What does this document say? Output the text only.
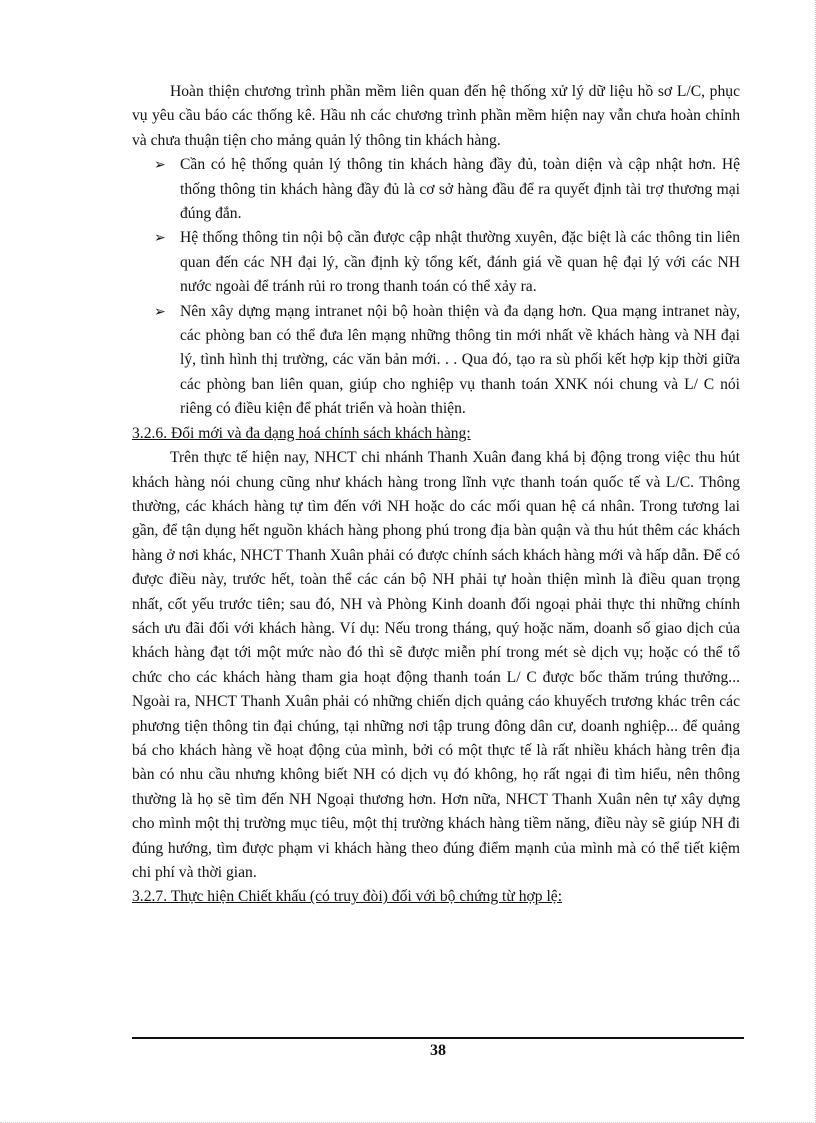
Hoàn thiện chương trình phần mềm liên quan đến hệ thống xử lý dữ liệu hồ sơ L/C, phục vụ yêu cầu báo các thống kê. Hầu nh các chương trình phần mềm hiện nay vẫn chưa hoàn chỉnh và chưa thuận tiện cho mảng quản lý thông tin khách hàng.

➢ Cần có hệ thống quản lý thông tin khách hàng đầy đủ, toàn diện và cập nhật hơn. Hệ thống thông tin khách hàng đầy đủ là cơ sở hàng đầu để ra quyết định tài trợ thương mại đúng đắn.
➢ Hệ thống thông tin nội bộ cần được cập nhật thường xuyên, đặc biệt là các thông tin liên quan đến các NH đại lý, cần định kỳ tổng kết, đánh giá về quan hệ đại lý với các NH nước ngoài để tránh rủi ro trong thanh toán có thể xảy ra.
➢ Nên xây dựng mạng intranet nội bộ hoàn thiện và đa dạng hơn. Qua mạng intranet này, các phòng ban có thể đưa lên mạng những thông tin mới nhất về khách hàng và NH đại lý, tình hình thị trường, các văn bản mới. . . Qua đó, tạo ra sù phối kết hợp kịp thời giữa các phòng ban liên quan, giúp cho nghiệp vụ thanh toán XNK nói chung và L/ C nói riêng có điều kiện để phát triển và hoàn thiện.

3.2.6. Đổi mới và đa dạng hoá chính sách khách hàng:

Trên thực tế hiện nay, NHCT chi nhánh Thanh Xuân đang khá bị động trong việc thu hút khách hàng nói chung cũng như khách hàng trong lĩnh vực thanh toán quốc tế và L/C. Thông thường, các khách hàng tự tìm đến với NH hoặc do các mối quan hệ cá nhân. Trong tương lai gần, để tận dụng hết nguồn khách hàng phong phú trong địa bàn quận và thu hút thêm các khách hàng ở nơi khác, NHCT Thanh Xuân phải có được chính sách khách hàng mới và hấp dẫn. Để có được điều này, trước hết, toàn thể các cán bộ NH phải tự hoàn thiện mình là điều quan trọng nhất, cốt yếu trước tiên; sau đó, NH và Phòng Kinh doanh đối ngoại phải thực thi những chính sách ưu đãi đối với khách hàng. Ví dụ: Nếu trong tháng, quý hoặc năm, doanh số giao dịch của khách hàng đạt tới một mức nào đó thì sẽ được miễn phí trong mét sè dịch vụ; hoặc có thể tổ chức cho các khách hàng tham gia hoạt động thanh toán L/ C được bốc thăm trúng thưởng... Ngoài ra, NHCT Thanh Xuân phải có những chiến dịch quảng cáo khuyếch trương khác trên các phương tiện thông tin đại chúng, tại những nơi tập trung đông dân cư, doanh nghiệp... để quảng bá cho khách hàng về hoạt động của mình, bởi có một thực tế là rất nhiều khách hàng trên địa bàn có nhu cầu nhưng không biết NH có dịch vụ đó không, họ rất ngại đi tìm hiểu, nên thông thường là họ sẽ tìm đến NH Ngoại thương hơn. Hơn nữa, NHCT Thanh Xuân nên tự xây dựng cho mình một thị trường mục tiêu, một thị trường khách hàng tiềm năng, điều này sẽ giúp NH đi đúng hướng, tìm được phạm vi khách hàng theo đúng điểm mạnh của mình mà có thể tiết kiệm chi phí và thời gian.

3.2.7. Thực hiện Chiết khấu (có truy đòi) đối với bộ chứng từ hợp lệ:

38
